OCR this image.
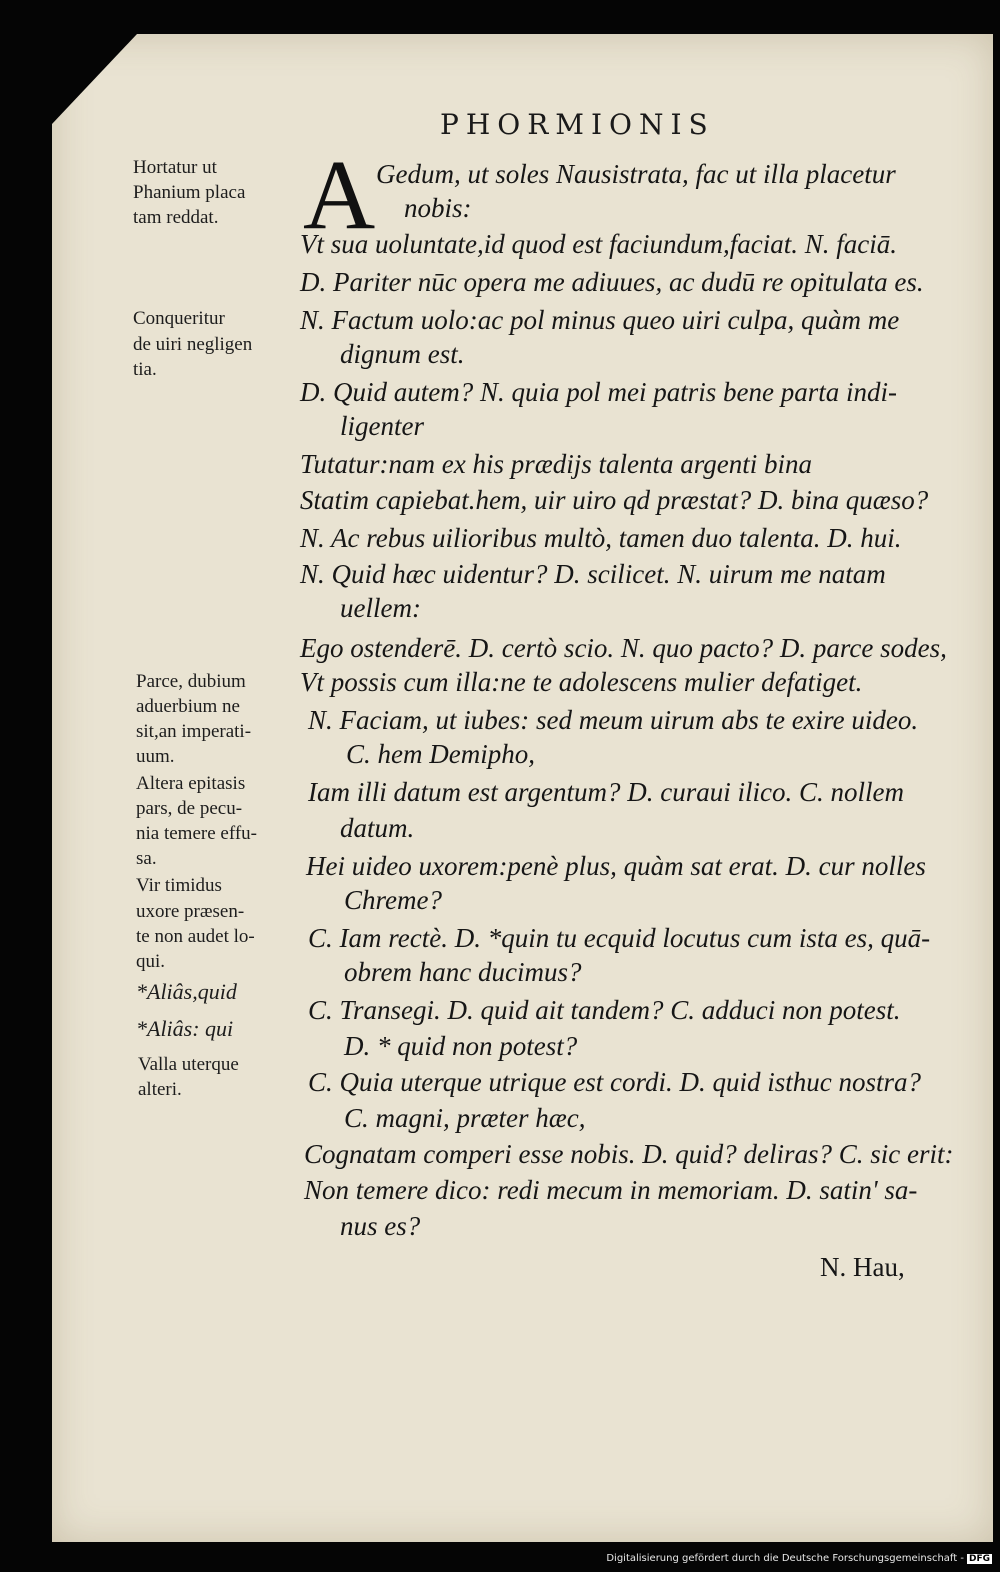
PHORMIONIS
A
Hortatur ut
Phanium placa
tam reddat.
Conqueritur
de uiri negligen
tia.
Parce, dubium
aduerbium ne
sit,an imperati-
uum.
Altera epitasis
pars, de pecu-
nia temere effu-
sa.
Vir timidus
uxore præsen-
te non audet lo-
qui.
*Aliâs,quid
*Aliâs: qui
Valla uterque
alteri.
Gedum, ut soles Nausistrata, fac ut illa placetur
nobis:
Vt sua uoluntate,id quod est faciundum,faciat. N. faciā.
D. Pariter nūc opera me adiuues, ac dudū re opitulata es.
N. Factum uolo:ac pol minus queo uiri culpa, quàm me
dignum est.
D. Quid autem? N. quia pol mei patris bene parta indi-
ligenter
Tutatur:nam ex his prædijs talenta argenti bina
Statim capiebat.hem, uir uiro qd præstat? D. bina quæso?
N. Ac rebus uilioribus multò, tamen duo talenta. D. hui.
N. Quid hæc uidentur? D. scilicet. N. uirum me natam
uellem:
Ego ostenderē. D. certò scio. N. quo pacto? D. parce sodes,
Vt possis cum illa:ne te adolescens mulier defatiget.
N. Faciam, ut iubes: sed meum uirum abs te exire uideo.
C. hem Demipho,
Iam illi datum est argentum? D. curaui ilico. C. nollem
datum.
Hei uideo uxorem:penè plus, quàm sat erat. D. cur nolles
Chreme?
C. Iam rectè. D. *quin tu ecquid locutus cum ista es, quā-
obrem hanc ducimus?
C. Transegi. D. quid ait tandem? C. adduci non potest.
D. * quid non potest?
C. Quia uterque utrique est cordi. D. quid isthuc nostra?
C. magni, præter hæc,
Cognatam comperi esse nobis. D. quid? deliras? C. sic erit:
Non temere dico: redi mecum in memoriam. D. satin' sa-
nus es?
N. Hau,
Digitalisierung gefördert durch die Deutsche Forschungsgemeinschaft - DFG
